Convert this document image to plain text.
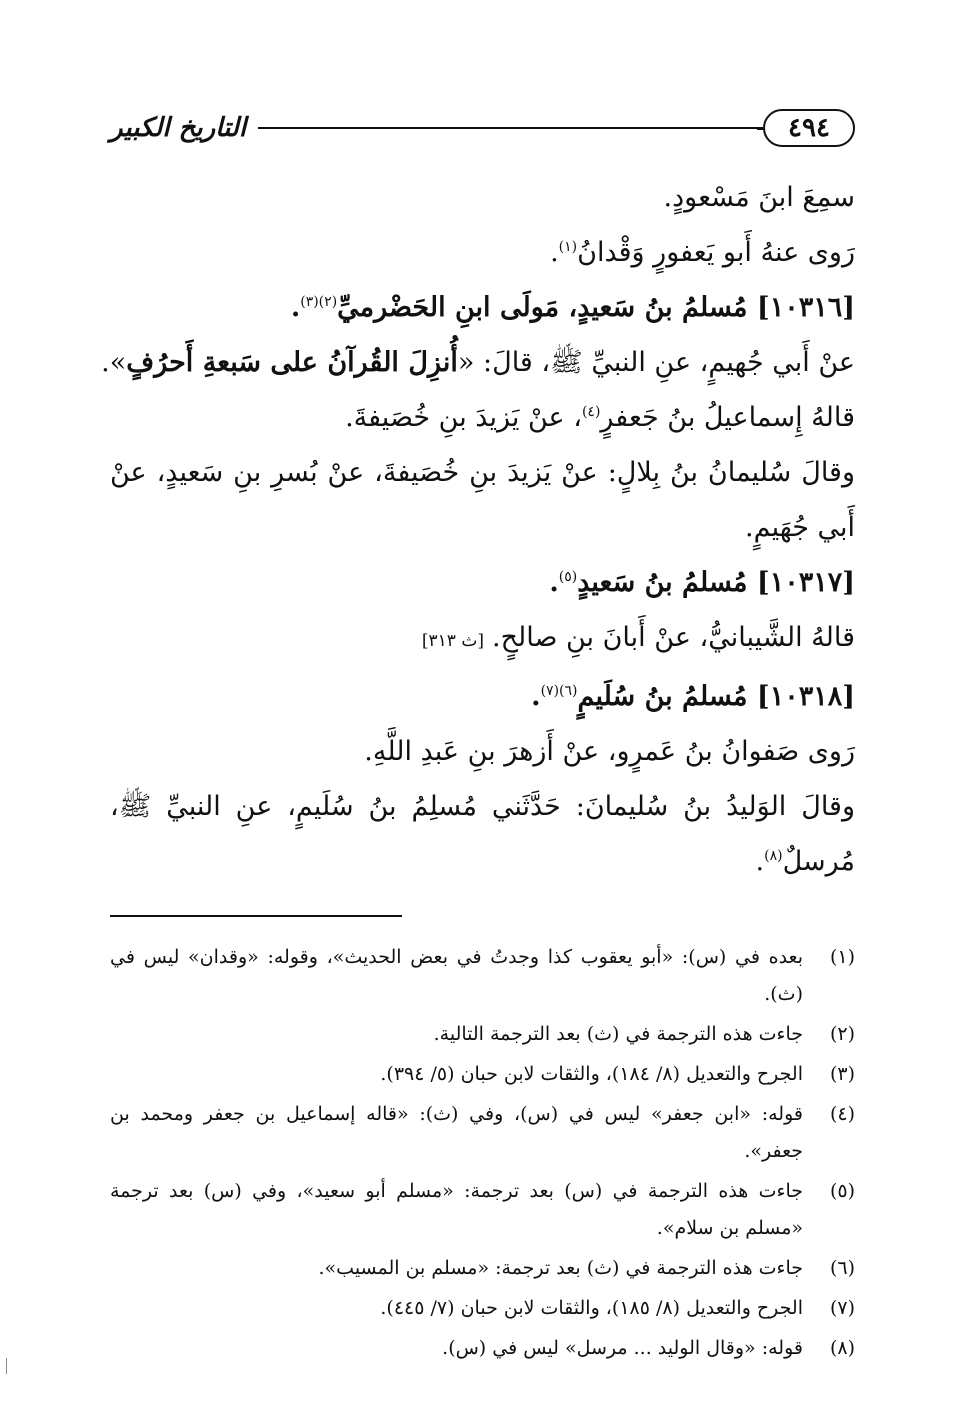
٤٩٤
التاريخ الكبير
سمِعَ ابنَ مَسْعودٍ.
رَوى عنهُ أَبو يَعفورٍ وَقْدانُ$^{(١)}$.
[١٠٣١٦] مُسلمُ بنُ سَعيدٍ، مَولَى ابنِ الحَضْرميِّ$^{(٢)(٣)}$.
عنْ أَبي جُهيمٍ، عنِ النبيِّ ﷺ، قالَ: «أُنزِلَ القُرآنُ على سَبعةِ أَحرُفٍ».
قالهُ إِسماعيلُ بنُ جَعفرٍ$^{(٤)}$، عنْ يَزيدَ بنِ خُصَيفةَ.
وقالَ سُليمانُ بنُ بِلالٍ: عنْ يَزيدَ بنِ خُصَيفةَ، عنْ بُسرِ بنِ سَعيدٍ، عنْ أَبي جُهَيمٍ.
[١٠٣١٧] مُسلمُ بنُ سَعيدٍ$^{(٥)}$.
قالهُ الشَّيبانيُّ، عنْ أَبانَ بنِ صالحٍ.[ث ٣١٣]
[١٠٣١٨] مُسلمُ بنُ سُلَيمٍ$^{(٦)(٧)}$.
رَوى صَفوانُ بنُ عَمرٍو، عنْ أَزهرَ بنِ عَبدِ اللَّهِ.
وقالَ الوَليدُ بنُ سُليمانَ: حَدَّثَني مُسلِمُ بنُ سُلَيمٍ، عنِ النبيِّ ﷺ، مُرسلٌ$^{(٨)}$.
(١)
بعده في (س): «أبو يعقوب كذا وجدتُ في بعض الحديث»، وقوله: «وقدان» ليس في (ث).
(٢)
جاءت هذه الترجمة في (ث) بعد الترجمة التالية.
(٣)
الجرح والتعديل (٨/ ١٨٤)، والثقات لابن حبان (٥/ ٣٩٤).
(٤)
قوله: «ابن جعفر» ليس في (س)، وفي (ث): «قاله إسماعيل بن جعفر ومحمد بن جعفر».
(٥)
جاءت هذه الترجمة في (س) بعد ترجمة: «مسلم أبو سعيد»، وفي (س) بعد ترجمة «مسلم بن سلام».
(٦)
جاءت هذه الترجمة في (ث) بعد ترجمة: «مسلم بن المسيب».
(٧)
الجرح والتعديل (٨/ ١٨٥)، والثقات لابن حبان (٧/ ٤٤٥).
(٨)
قوله: «وقال الوليد ... مرسل» ليس في (س).
